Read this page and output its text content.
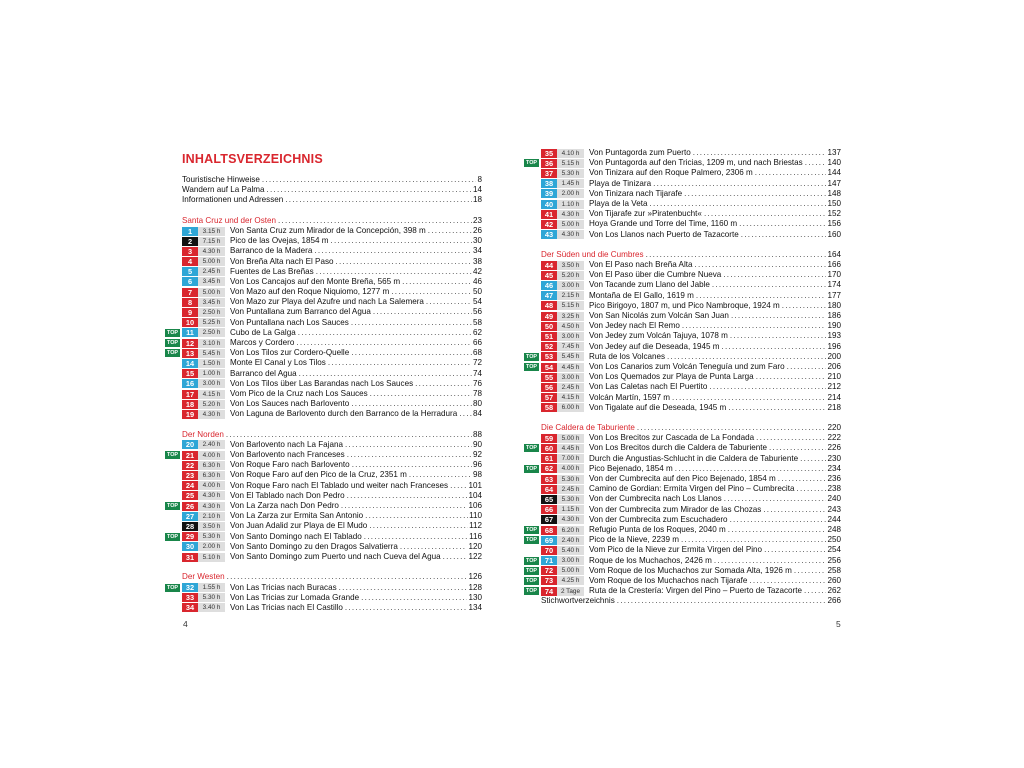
INHALTSVERZEICHNIS
Touristische Hinweise . . .	8
Wandern auf La Palma . . .	14
Informationen und Adressen . . .	18
Santa Cruz und der Osten . . .	23
1	3.15 h	Von Santa Cruz zum Mirador de la Concepción, 398 m . . .	26
2	7.15 h	Pico de las Ovejas, 1854 m . . .	30
3	4.30 h	Barranco de la Madera . . .	34
4	5.00 h	Von Breña Alta nach El Paso . . .	38
5	2.45 h	Fuentes de Las Breñas . . .	42
6	3.45 h	Von Los Cancajos auf den Monte Breña, 565 m . . .	46
7	5.00 h	Von Mazo auf den Roque Niquiomo, 1277 m . . .	50
8	3.45 h	Von Mazo zur Playa del Azufre und nach La Salemera . . .	54
9	2.50 h	Von Puntallana zum Barranco del Agua . . .	56
10	5.25 h	Von Puntallana nach Los Sauces . . .	58
TOP	11	2.50 h	Cubo de La Galga . . .	62
TOP	12	3.10 h	Marcos y Cordero . . .	66
TOP	13	5.45 h	Von Los Tilos zur Cordero-Quelle . . .	68
14	1.50 h	Monte El Canal y Los Tilos . . .	72
15	1.00 h	Barranco del Agua . . .	74
16	3.00 h	Von Los Tilos über Las Barandas nach Los Sauces . . .	76
17	4.15 h	Vom Pico de la Cruz nach Los Sauces . . .	78
18	5.20 h	Von Los Sauces nach Barlovento . . .	80
19	4.30 h	Von Laguna de Barlovento durch den Barranco de la Herradura . . . 84
Der Norden . . .	88
20	2.40 h	Von Barlovento nach La Fajana . . .	90
TOP	21	4.00 h	Von Barlovento nach Franceses . . .	92
22	6.30 h	Von Roque Faro nach Barlovento . . .	96
23	6.30 h	Von Roque Faro auf den Pico de la Cruz, 2351 m . . .	98
24	4.00 h	Von Roque Faro nach El Tablado und weiter nach Franceses . . .	101
25	4.30 h	Von El Tablado nach Don Pedro . . .	104
TOP	26	4.30 h	Von La Zarza nach Don Pedro . . .	106
27	2.10 h	Von La Zarza zur Ermita San Antonio . . .	110
28	3.50 h	Von Juan Adalid zur Playa de El Mudo . . .	112
TOP	29	5.30 h	Von Santo Domingo nach El Tablado . . .	116
30	2.00 h	Von Santo Domingo zu den Dragos Salvatierra . . .	120
31	5.10 h	Von Santo Domingo zum Puerto und nach Cueva del Agua . . .	122
Der Westen . . .	126
TOP	32	1.55 h	Von Las Tricias nach Buracas . . .	128
33	5.30 h	Von Las Tricias zur Lomada Grande . . .	130
34	3.40 h	Von Las Tricias nach El Castillo . . .	134
35	4.10 h	Von Puntagorda zum Puerto . . .	137
TOP	36	5.15 h	Von Puntagorda auf den Tricias, 1209 m, und nach Briestas . . .	140
37	5.30 h	Von Tinizara auf den Roque Palmero, 2306 m . . .	144
38	1.45 h	Playa de Tinizara . . .	147
39	2.00 h	Von Tinizara nach Tijarafe . . .	148
40	1.10 h	Playa de la Veta . . .	150
41	4.30 h	Von Tijarafe zur »Piratenbucht« . . .	152
42	5.00 h	Hoya Grande und Torre del Time, 1160 m . . .	156
43	4.30 h	Von Los Llanos nach Puerto de Tazacorte . . .	160
Der Süden und die Cumbres . . .	164
44	3.50 h	Von El Paso nach Breña Alta . . .	166
45	5.20 h	Von El Paso über die Cumbre Nueva . . .	170
46	3.00 h	Von Tacande zum Llano del Jable . . .	174
47	2.15 h	Montaña de El Gallo, 1619 m . . .	177
48	5.15 h	Pico Birigoyo, 1807 m, und Pico Nambroque, 1924 m . . .	180
49	3.25 h	Von San Nicolás zum Volcán San Juan . . .	186
50	4.50 h	Von Jedey nach El Remo . . .	190
51	3.00 h	Von Jedey zum Volcán Tajuya, 1078 m . . .	193
52	7.45 h	Von Jedey auf die Deseada, 1945 m . . .	196
TOP	53	5.45 h	Ruta de los Volcanes . . .	200
TOP	54	4.45 h	Von Los Canarios zum Volcán Teneguía und zum Faro . . .	206
55	3.00 h	Von Los Quemados zur Playa de Punta Larga . . .	210
56	2.45 h	Von Las Caletas nach El Puertito . . .	212
57	4.15 h	Volcán Martín, 1597 m . . .	214
58	6.00 h	Von Tigalate auf die Deseada, 1945 m . . .	218
Die Caldera de Taburiente . . .	220
59	5.00 h	Von Los Brecitos zur Cascada de La Fondada . . .	222
TOP	60	4.45 h	Von Los Brecitos durch die Caldera de Taburiente . . .	226
61	7.00 h	Durch die Angustias-Schlucht in die Caldera de Taburiente . . .	230
TOP	62	4.00 h	Pico Bejenado, 1854 m . . .	234
63	5.30 h	Von der Cumbrecita auf den Pico Bejenado, 1854 m . . .	236
64	2.45 h	Camino de Gordian: Ermita Virgen del Pino – Cumbrecita . . .	238
65	5.30 h	Von der Cumbrecita nach Los Llanos . . .	240
66	1.15 h	Von der Cumbrecita zum Mirador de las Chozas . . .	243
67	4.30 h	Von der Cumbrecita zum Escuchadero . . .	244
TOP	68	6.20 h	Refugio Punta de los Roques, 2040 m . . .	248
TOP	69	2.40 h	Pico de la Nieve, 2239 m . . .	250
70	5.40 h	Vom Pico de la Nieve zur Ermita Virgen del Pino . . .	254
TOP	71	3.00 h	Roque de los Muchachos, 2426 m . . .	256
TOP	72	5.00 h	Vom Roque de los Muchachos zur Somada Alta, 1926 m . . .	258
TOP	73	4.25 h	Vom Roque de los Muchachos nach Tijarafe . . .	260
TOP	74	2 Tage	Ruta de la Crestería: Virgen del Pino – Puerto de Tazacorte . . .	262
Stichwortverzeichnis . . .	266
4	5
